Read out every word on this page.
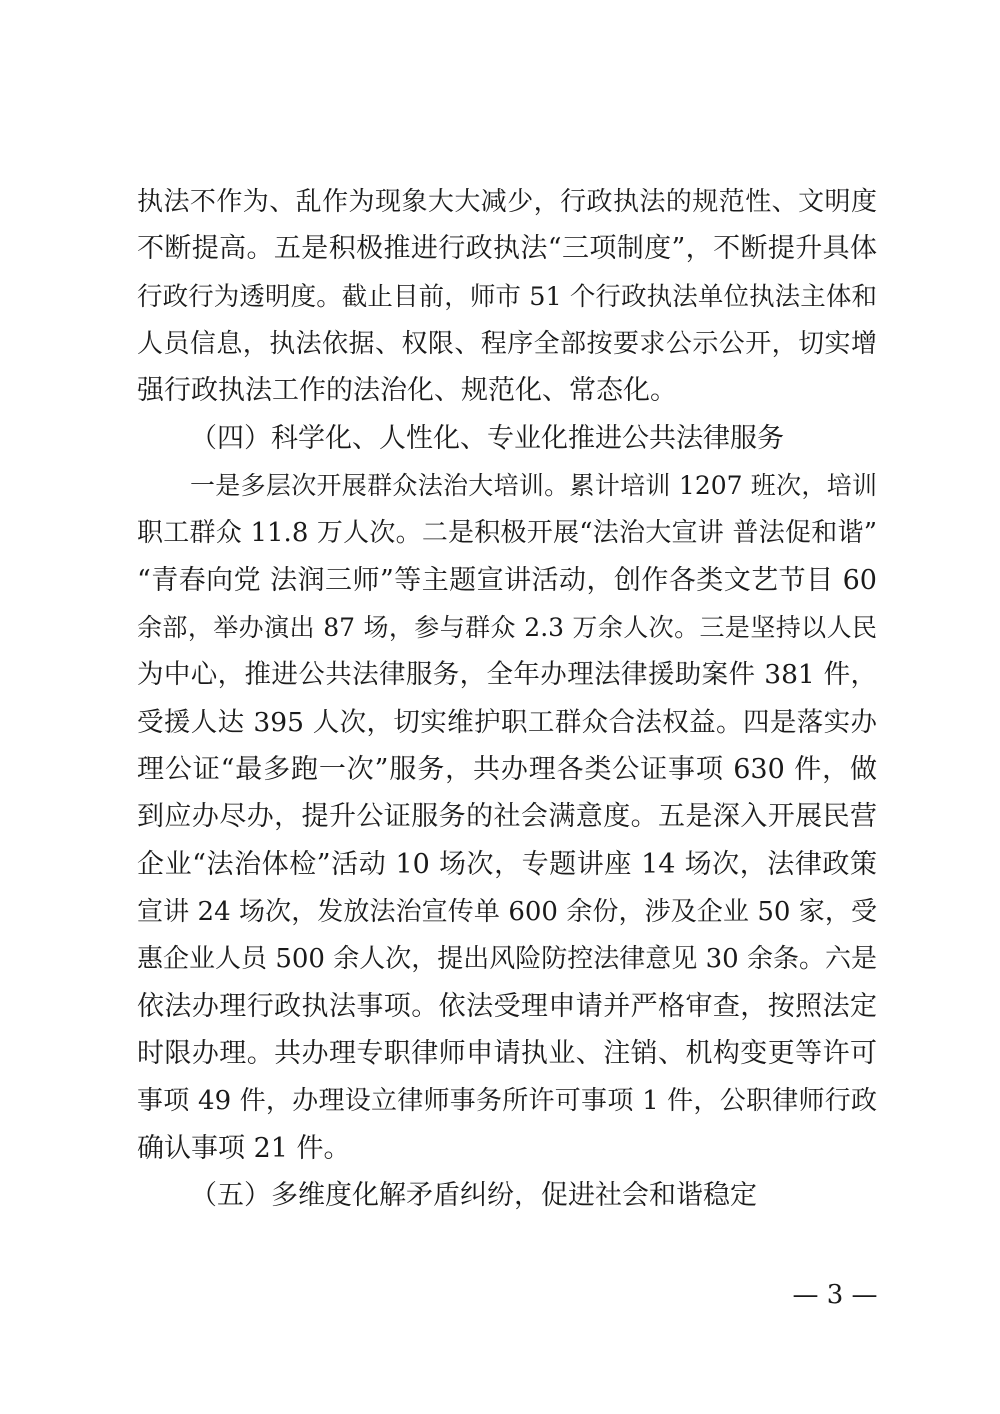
执法不作为、乱作为现象大大减少，行政执法的规范性、文明度
不断提高。五是积极推进行政执法“三项制度”，不断提升具体
行政行为透明度。截止目前，师市 51 个行政执法单位执法主体和
人员信息，执法依据、权限、程序全部按要求公示公开，切实增
强行政执法工作的法治化、规范化、常态化。
（四）科学化、人性化、专业化推进公共法律服务
一是多层次开展群众法治大培训。累计培训 1207 班次，培训
职工群众 11.8 万人次。二是积极开展“法治大宣讲 普法促和谐”
“青春向党 法润三师”等主题宣讲活动，创作各类文艺节目 60
余部，举办演出 87 场，参与群众 2.3 万余人次。三是坚持以人民
为中心，推进公共法律服务，全年办理法律援助案件 381 件，
受援人达 395 人次，切实维护职工群众合法权益。四是落实办
理公证“最多跑一次”服务，共办理各类公证事项 630 件，做
到应办尽办，提升公证服务的社会满意度。五是深入开展民营
企业“法治体检”活动 10 场次，专题讲座 14 场次，法律政策
宣讲 24 场次，发放法治宣传单 600 余份，涉及企业 50 家，受
惠企业人员 500 余人次，提出风险防控法律意见 30 余条。六是
依法办理行政执法事项。依法受理申请并严格审查，按照法定
时限办理。共办理专职律师申请执业、注销、机构变更等许可
事项 49 件，办理设立律师事务所许可事项 1 件，公职律师行政
确认事项 21 件。
（五）多维度化解矛盾纠纷，促进社会和谐稳定
— 3 —
